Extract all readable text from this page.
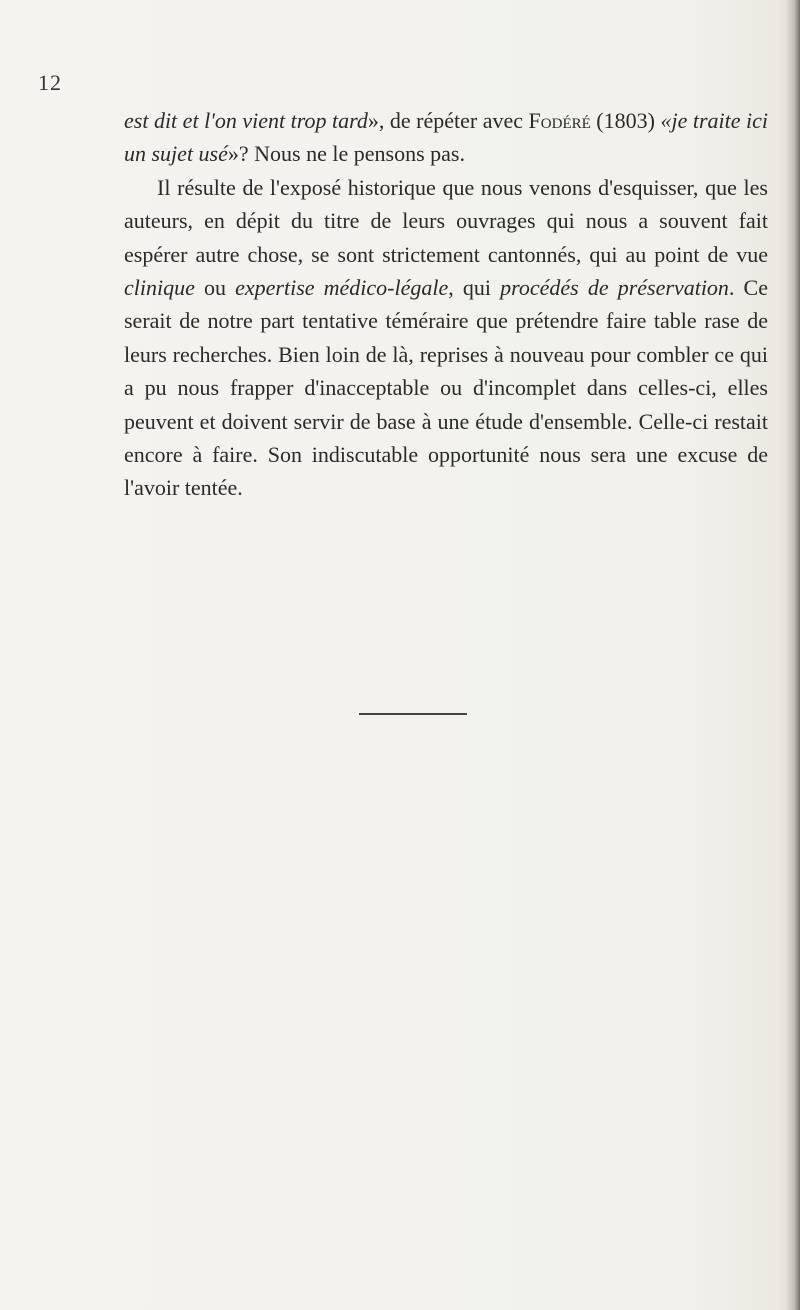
12

est dit et l'on vient trop tard», de répéter avec Fodéré (1803) «je traite ici un sujet usé»? Nous ne le pensons pas.

Il résulte de l'exposé historique que nous venons d'esquisser, que les auteurs, en dépit du titre de leurs ouvrages qui nous a souvent fait espérer autre chose, se sont strictement cantonnés, qui au point de vue clinique ou expertise médico-légale, qui procédés de préservation. Ce serait de notre part tentative téméraire que prétendre faire table rase de leurs recherches. Bien loin de là, reprises à nouveau pour combler ce qui a pu nous frapper d'inacceptable ou d'incomplet dans celles-ci, elles peuvent et doivent servir de base à une étude d'ensemble. Celle-ci restait encore à faire. Son indiscutable opportunité nous sera une excuse de l'avoir tentée.
